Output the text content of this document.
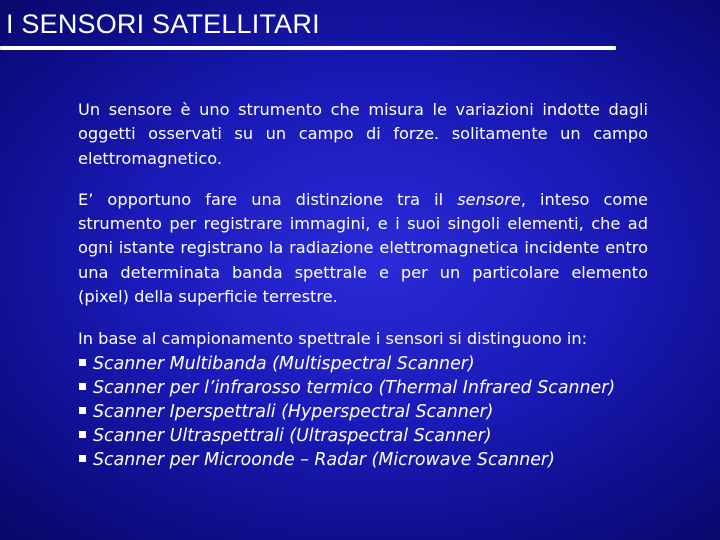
I SENSORI SATELLITARI

Un sensore è uno strumento che misura le variazioni indotte dagli oggetti osservati su un campo di forze. solitamente un campo elettromagnetico.

E’ opportuno fare una distinzione tra il sensore, inteso come strumento per registrare immagini, e i suoi singoli elementi, che ad ogni istante registrano la radiazione elettromagnetica incidente entro una determinata banda spettrale e per un particolare elemento (pixel) della superficie terrestre.

In base al campionamento spettrale i sensori si distinguono in:

Scanner Multibanda (Multispectral Scanner)
Scanner per l’infrarosso termico (Thermal Infrared Scanner)
Scanner Iperspettrali (Hyperspectral Scanner)
Scanner Ultraspettrali (Ultraspectral Scanner)
Scanner per Microonde – Radar (Microwave Scanner)
